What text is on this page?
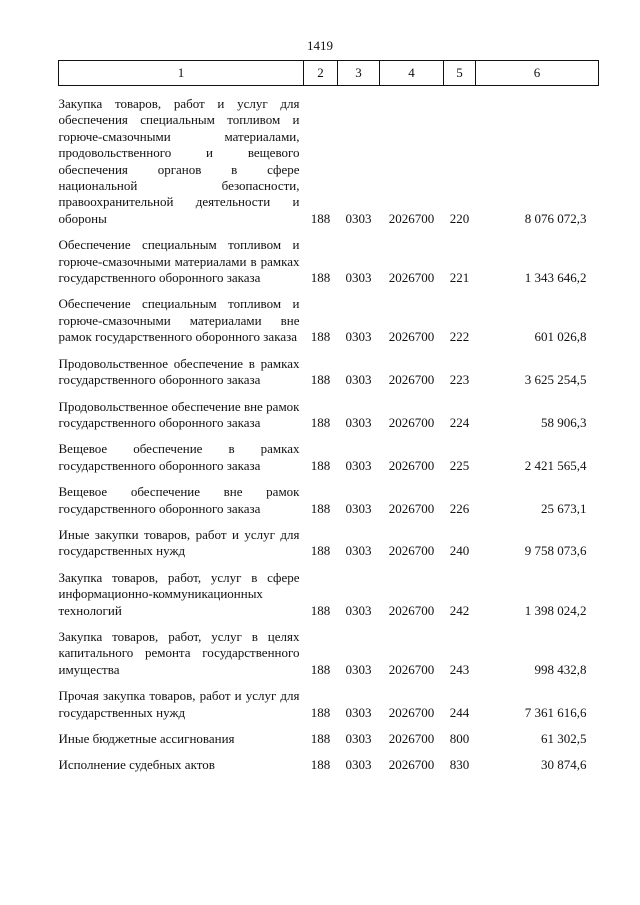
1419
1	2	3	4	5	6

Закупка товаров, работ и услуг для обеспечения специальным топливом и горюче-смазочными материалами, продовольственного и вещевого обеспечения органов в сфере национальной безопасности, правоохранительной деятельности и обороны	188	0303	2026700	220	8 076 072,3

Обеспечение специальным топливом и горюче-смазочными материалами в рамках государственного оборонного заказа	188	0303	2026700	221	1 343 646,2

Обеспечение специальным топливом и горюче-смазочными материалами вне рамок государственного оборонного заказа	188	0303	2026700	222	601 026,8

Продовольственное обеспечение в рамках государственного оборонного заказа	188	0303	2026700	223	3 625 254,5

Продовольственное обеспечение вне рамок государственного оборонного заказа	188	0303	2026700	224	58 906,3

Вещевое обеспечение в рамках государственного оборонного заказа	188	0303	2026700	225	2 421 565,4

Вещевое обеспечение вне рамок государственного оборонного заказа	188	0303	2026700	226	25 673,1

Иные закупки товаров, работ и услуг для государственных нужд	188	0303	2026700	240	9 758 073,6

Закупка товаров, работ, услуг в сфере информационно-коммуникационных технологий	188	0303	2026700	242	1 398 024,2

Закупка товаров, работ, услуг в целях капитального ремонта государственного имущества	188	0303	2026700	243	998 432,8

Прочая закупка товаров, работ и услуг для государственных нужд	188	0303	2026700	244	7 361 616,6

Иные бюджетные ассигнования	188	0303	2026700	800	61 302,5

Исполнение судебных актов	188	0303	2026700	830	30 874,6
